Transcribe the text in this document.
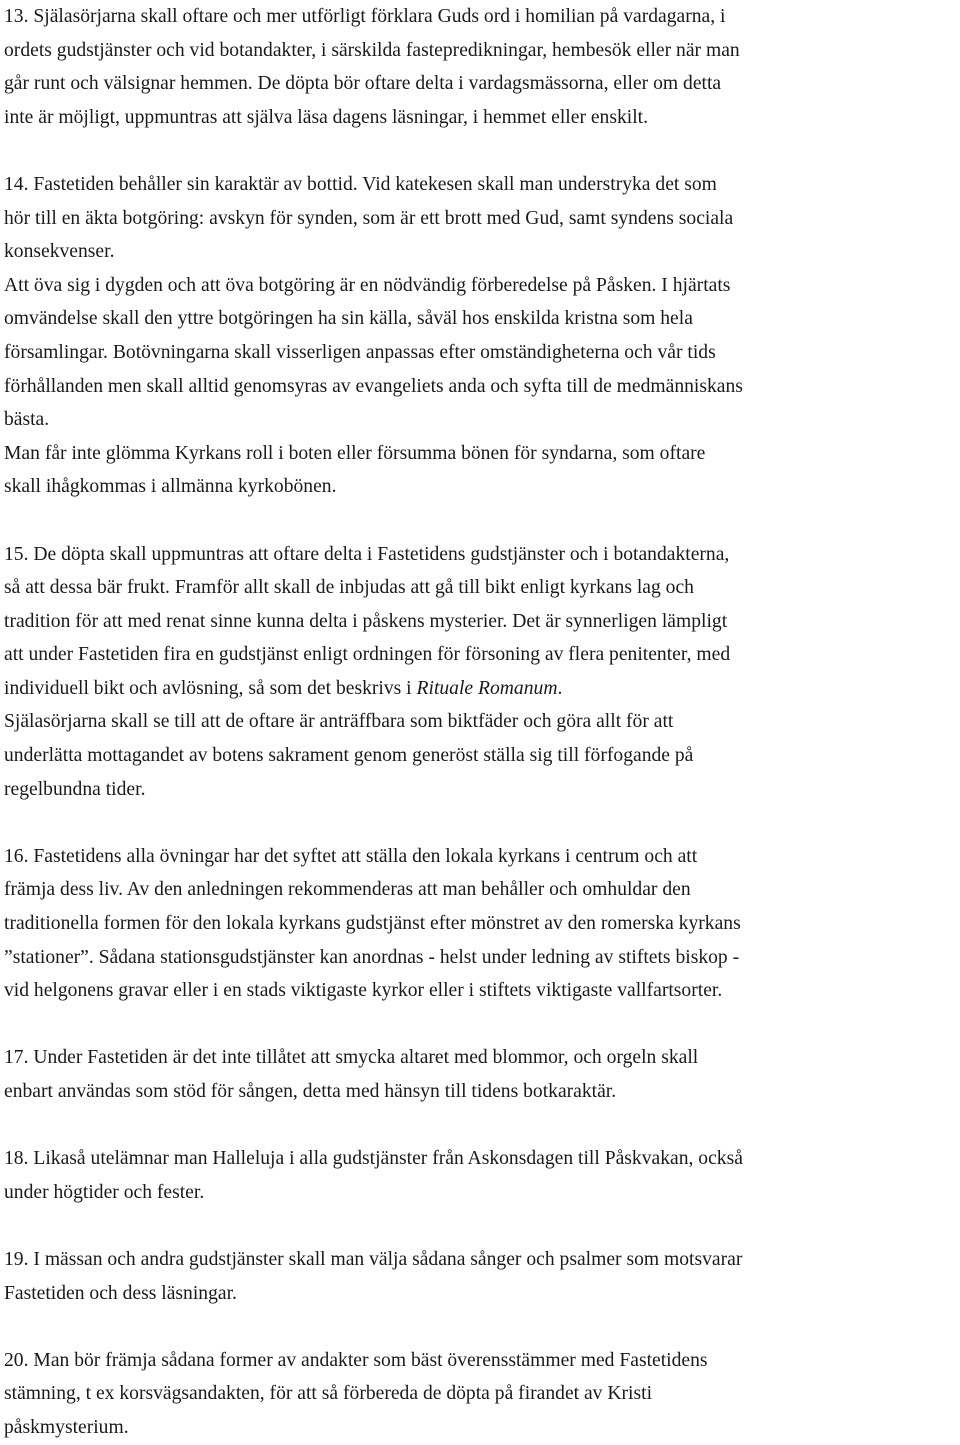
13. Själasörjarna skall oftare och mer utförligt förklara Guds ord i homilian på vardagarna, i
ordets gudstjänster och vid botandakter, i särskilda fastepredikningar, hembesök eller när man
går runt och välsignar hemmen. De döpta bör oftare delta i vardagsmässorna, eller om detta
inte är möjligt, uppmuntras att själva läsa dagens läsningar, i hemmet eller enskilt.
14. Fastetiden behåller sin karaktär av bottid. Vid katekesen skall man understryka det som
hör till en äkta botgöring: avskyn för synden, som är ett brott med Gud, samt syndens sociala
konsekvenser.
Att öva sig i dygden och att öva botgöring är en nödvändig förberedelse på Påsken. I hjärtats
omvändelse skall den yttre botgöringen ha sin källa, såväl hos enskilda kristna som hela
församlingar. Botövningarna skall visserligen anpassas efter omständigheterna och vår tids
förhållanden men skall alltid genomsyras av evangeliets anda och syfta till de medmänniskans
bästa.
Man får inte glömma Kyrkans roll i boten eller försumma bönen för syndarna, som oftare
skall ihågkommas i allmänna kyrkobönen.
15. De döpta skall uppmuntras att oftare delta i Fastetidens gudstjänster och i botandakterna,
så att dessa bär frukt. Framför allt skall de inbjudas att gå till bikt enligt kyrkans lag och
tradition för att med renat sinne kunna delta i påskens mysterier. Det är synnerligen lämpligt
att under Fastetiden fira en gudstjänst enligt ordningen för försoning av flera penitenter, med
individuell bikt och avlösning, så som det beskrivs i Rituale Romanum.
Själasörjarna skall se till att de oftare är anträffbara som biktfäder och göra allt för att
underlätta mottagandet av botens sakrament genom generöst ställa sig till förfogande på
regelbundna tider.
16. Fastetidens alla övningar har det syftet att ställa den lokala kyrkans i centrum och att
främja dess liv. Av den anledningen rekommenderas att man behåller och omhuldar den
traditionella formen för den lokala kyrkans gudstjänst efter mönstret av den romerska kyrkans
”stationer”. Sådana stationsgudstjänster kan anordnas - helst under ledning av stiftets biskop -
vid helgonens gravar eller i en stads viktigaste kyrkor eller i stiftets viktigaste vallfartsorter.
17. Under Fastetiden är det inte tillåtet att smycka altaret med blommor, och orgeln skall
enbart användas som stöd för sången, detta med hänsyn till tidens botkaraktär.
18. Likaså utelämnar man Halleluja i alla gudstjänster från Askonsdagen till Påskvakan, också
under högtider och fester.
19. I mässan och andra gudstjänster skall man välja sådana sånger och psalmer som motsvarar
Fastetiden och dess läsningar.
20. Man bör främja sådana former av andakter som bäst överensstämmer med Fastetidens
stämning, t ex korsvägsandakten, för att så förbereda de döpta på firandet av Kristi
påskmysterium.
